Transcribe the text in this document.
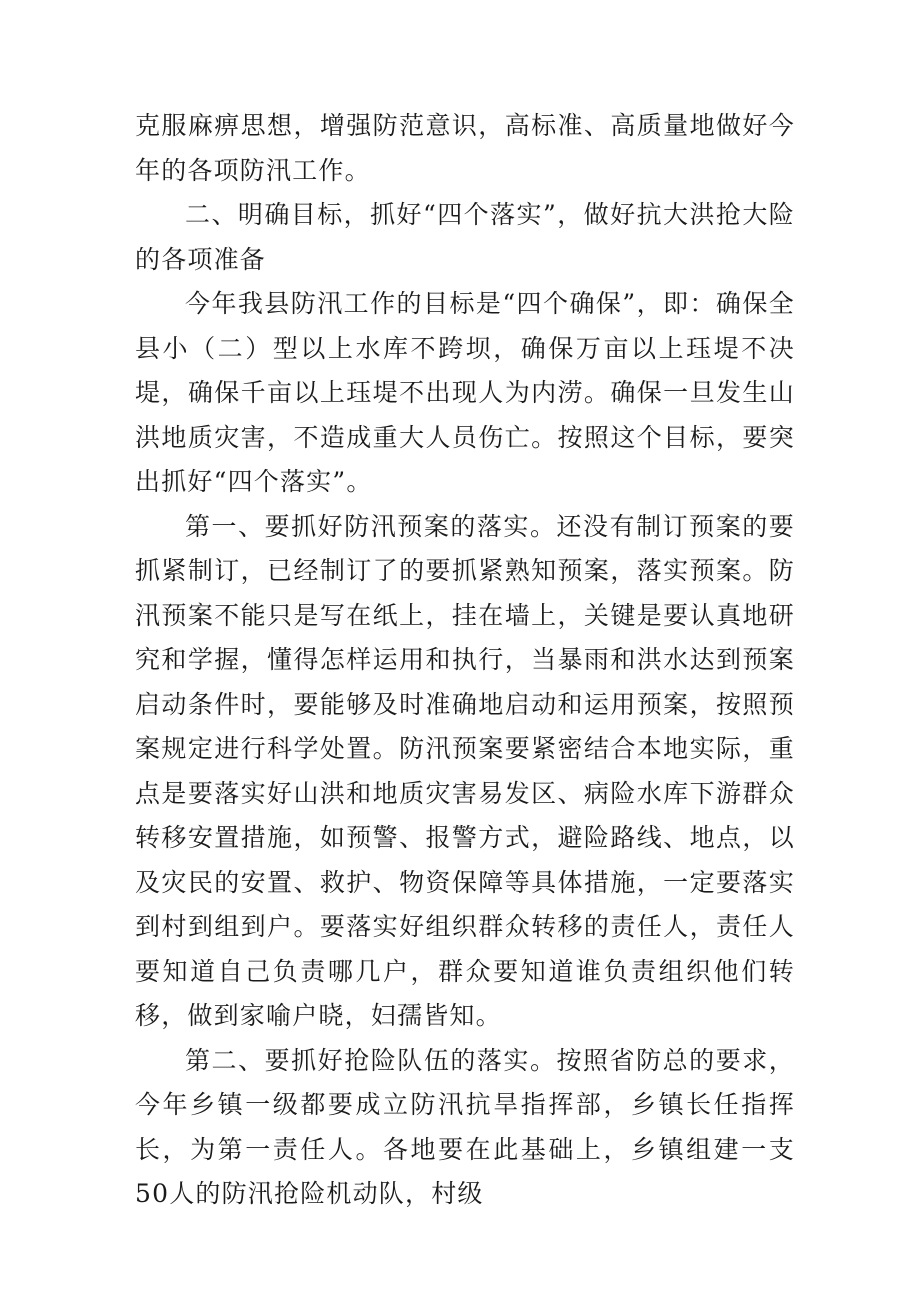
克服麻痹思想，增强防范意识，高标准、高质量地做好今年的各项防汛工作。

二、明确目标，抓好“四个落实”，做好抗大洪抢大险的各项准备

今年我县防汛工作的目标是“四个确保”，即：确保全县小（二）型以上水库不跨坝，确保万亩以上珏堤不决堤，确保千亩以上珏堤不出现人为内涝。确保一旦发生山洪地质灾害，不造成重大人员伤亡。按照这个目标，要突出抓好“四个落实”。

第一、要抓好防汛预案的落实。还没有制订预案的要抓紧制订，已经制订了的要抓紧熟知预案，落实预案。防汛预案不能只是写在纸上，挂在墙上，关键是要认真地研究和学握，懂得怎样运用和执行，当暴雨和洪水达到预案启动条件时，要能够及时准确地启动和运用预案，按照预案规定进行科学处置。防汛预案要紧密结合本地实际，重点是要落实好山洪和地质灾害易发区、病险水库下游群众转移安置措施，如预警、报警方式，避险路线、地点，以及灾民的安置、救护、物资保障等具体措施，一定要落实到村到组到户。要落实好组织群众转移的责任人，责任人要知道自己负责哪几户，群众要知道谁负责组织他们转移，做到家喻户晓，妇孺皆知。

第二、要抓好抢险队伍的落实。按照省防总的要求，今年乡镇一级都要成立防汛抗旱指挥部，乡镇长任指挥长，为第一责任人。各地要在此基础上，乡镇组建一支50人的防汛抢险机动队，村级
